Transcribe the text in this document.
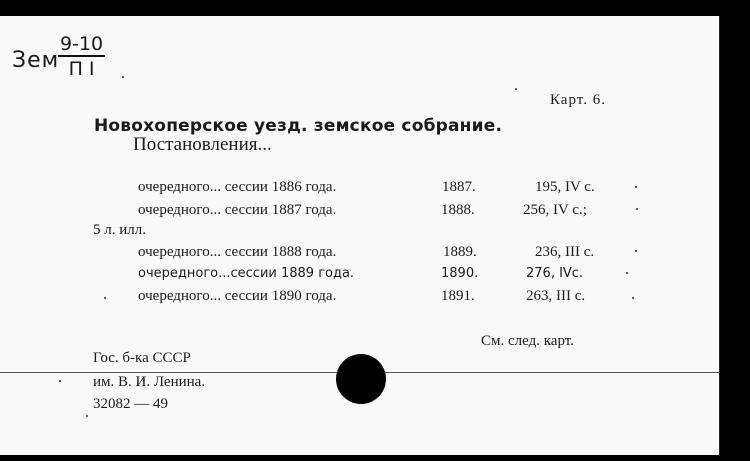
Зем
9-10
П I
Карт. 6.
Новохоперское уезд. земское собрание.
Постановления...
очередного... сессии 1886 года.	1887.	195, IV с.
очередного... сессии 1887 года.	1888.	256, IV с.;
5 л. илл.
очередного... сессии 1888 года.	1889.	236, III с.
очередного...сессии 1889 года.	1890.	276, IVс.
очередного... сессии 1890 года.	1891.	263, III с.
См. след. карт.
Гос. б-ка СССР
им. В. И. Ленина.
32082 — 49
